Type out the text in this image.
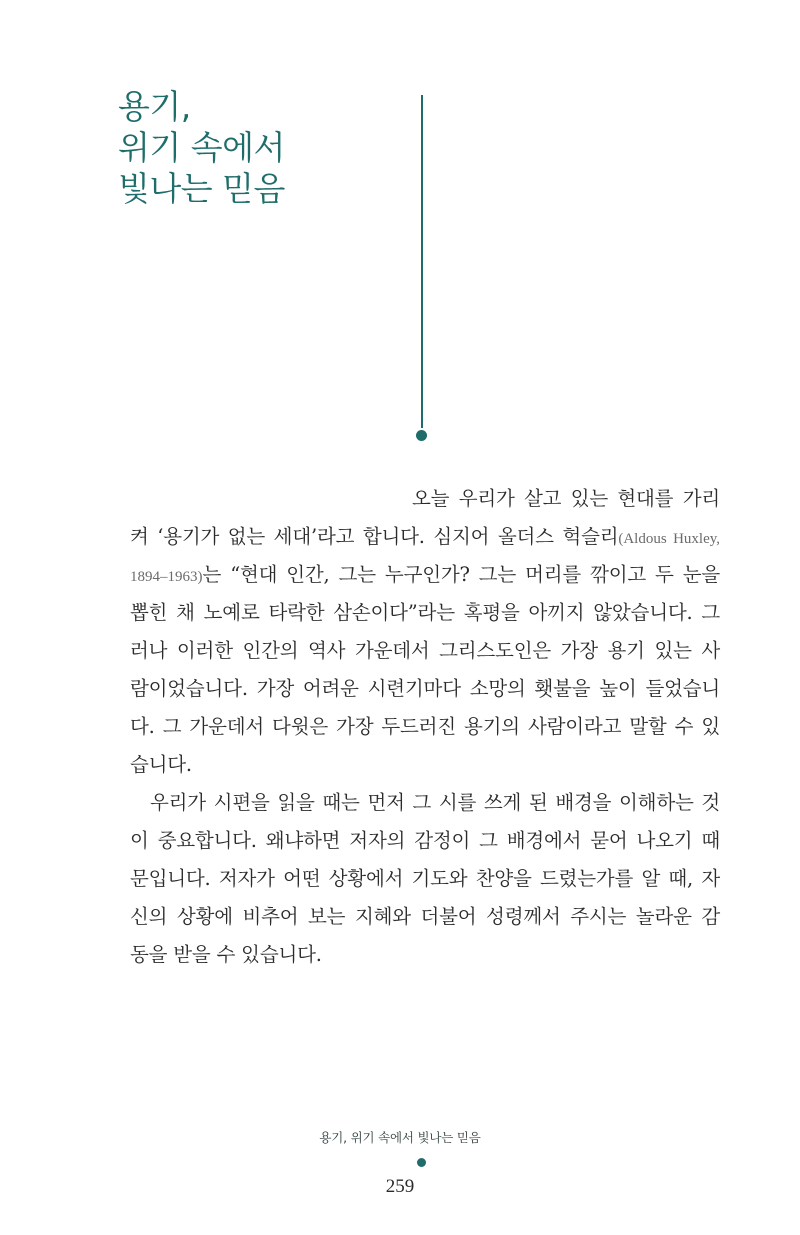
용기,
위기 속에서
빛나는 믿음
오늘 우리가 살고 있는 현대를 가리
켜 ‘용기가 없는 세대’라고 합니다. 심지어 올더스 헉슬리(Aldous Huxley,
1894–1963)는 “현대 인간, 그는 누구인가? 그는 머리를 깎이고 두 눈을
뽑힌 채 노예로 타락한 삼손이다”라는 혹평을 아끼지 않았습니다. 그
러나 이러한 인간의 역사 가운데서 그리스도인은 가장 용기 있는 사
람이었습니다. 가장 어려운 시련기마다 소망의 횃불을 높이 들었습니
다. 그 가운데서 다윗은 가장 두드러진 용기의 사람이라고 말할 수 있
습니다.
우리가 시편을 읽을 때는 먼저 그 시를 쓰게 된 배경을 이해하는 것
이 중요합니다. 왜냐하면 저자의 감정이 그 배경에서 묻어 나오기 때
문입니다. 저자가 어떤 상황에서 기도와 찬양을 드렸는가를 알 때, 자
신의 상황에 비추어 보는 지혜와 더불어 성령께서 주시는 놀라운 감
동을 받을 수 있습니다.
용기, 위기 속에서 빛나는 믿음
259
